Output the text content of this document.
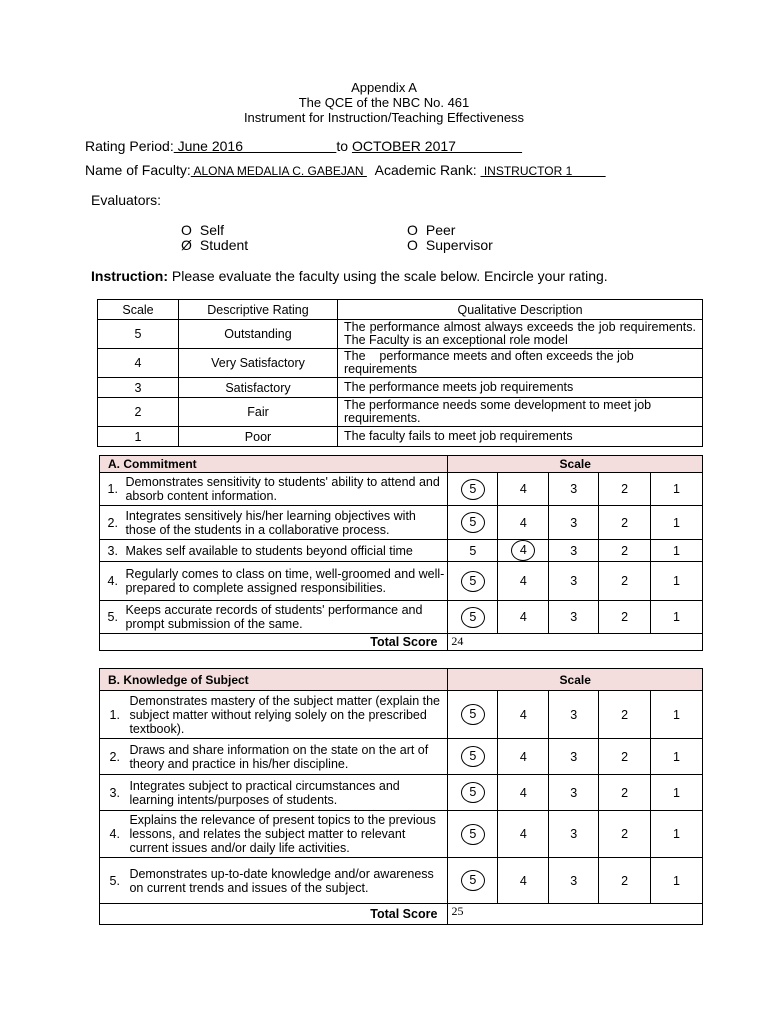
Appendix A
The QCE of the NBC No. 461
Instrument for Instruction/Teaching Effectiveness
Rating Period: June 2016                        to OCTOBER 2017
Name of Faculty: ALONA MEDALIA C. GABEJAN   Academic Rank:  INSTRUCTOR 1
Evaluators:
O Self
Ø Student
O Peer
O Supervisor
Instruction: Please evaluate the faculty using the scale below. Encircle your rating.
Scale	Descriptive Rating	Qualitative Description
5	Outstanding	The performance almost always exceeds the job requirements. The Faculty is an exceptional role model
4	Very Satisfactory	The    performance meets and often exceeds the job requirements
3	Satisfactory	The performance meets job requirements
2	Fair	The performance needs some development to meet job requirements.
1	Poor	The faculty fails to meet job requirements
A. Commitment		Scale				
1.	Demonstrates sensitivity to students' ability to attend and absorb content information.	5	4	3	2	1
2.	Integrates sensitively his/her learning objectives with those of the students in a collaborative process.	5	4	3	2	1
3.	Makes self available to students beyond official time	5	4	3	2	1
4.	Regularly comes to class on time, well-groomed and well-prepared to complete assigned responsibilities.	5	4	3	2	1
5.	Keeps accurate records of students' performance and prompt submission of the same.	5	4	3	2	1
Total Score		24				
B. Knowledge of Subject		Scale				
1.	Demonstrates mastery of the subject matter (explain the subject matter without relying solely on the prescribed textbook).	5	4	3	2	1
2.	Draws and share information on the state on the art of theory and practice in his/her discipline.	5	4	3	2	1
3.	Integrates subject to practical circumstances and learning intents/purposes of students.	5	4	3	2	1
4.	Explains the relevance of present topics to the previous lessons, and relates the subject matter to relevant current issues and/or daily life activities.	5	4	3	2	1
5.	Demonstrates up-to-date knowledge and/or awareness on current trends and issues of the subject.	5	4	3	2	1
Total Score		25				
